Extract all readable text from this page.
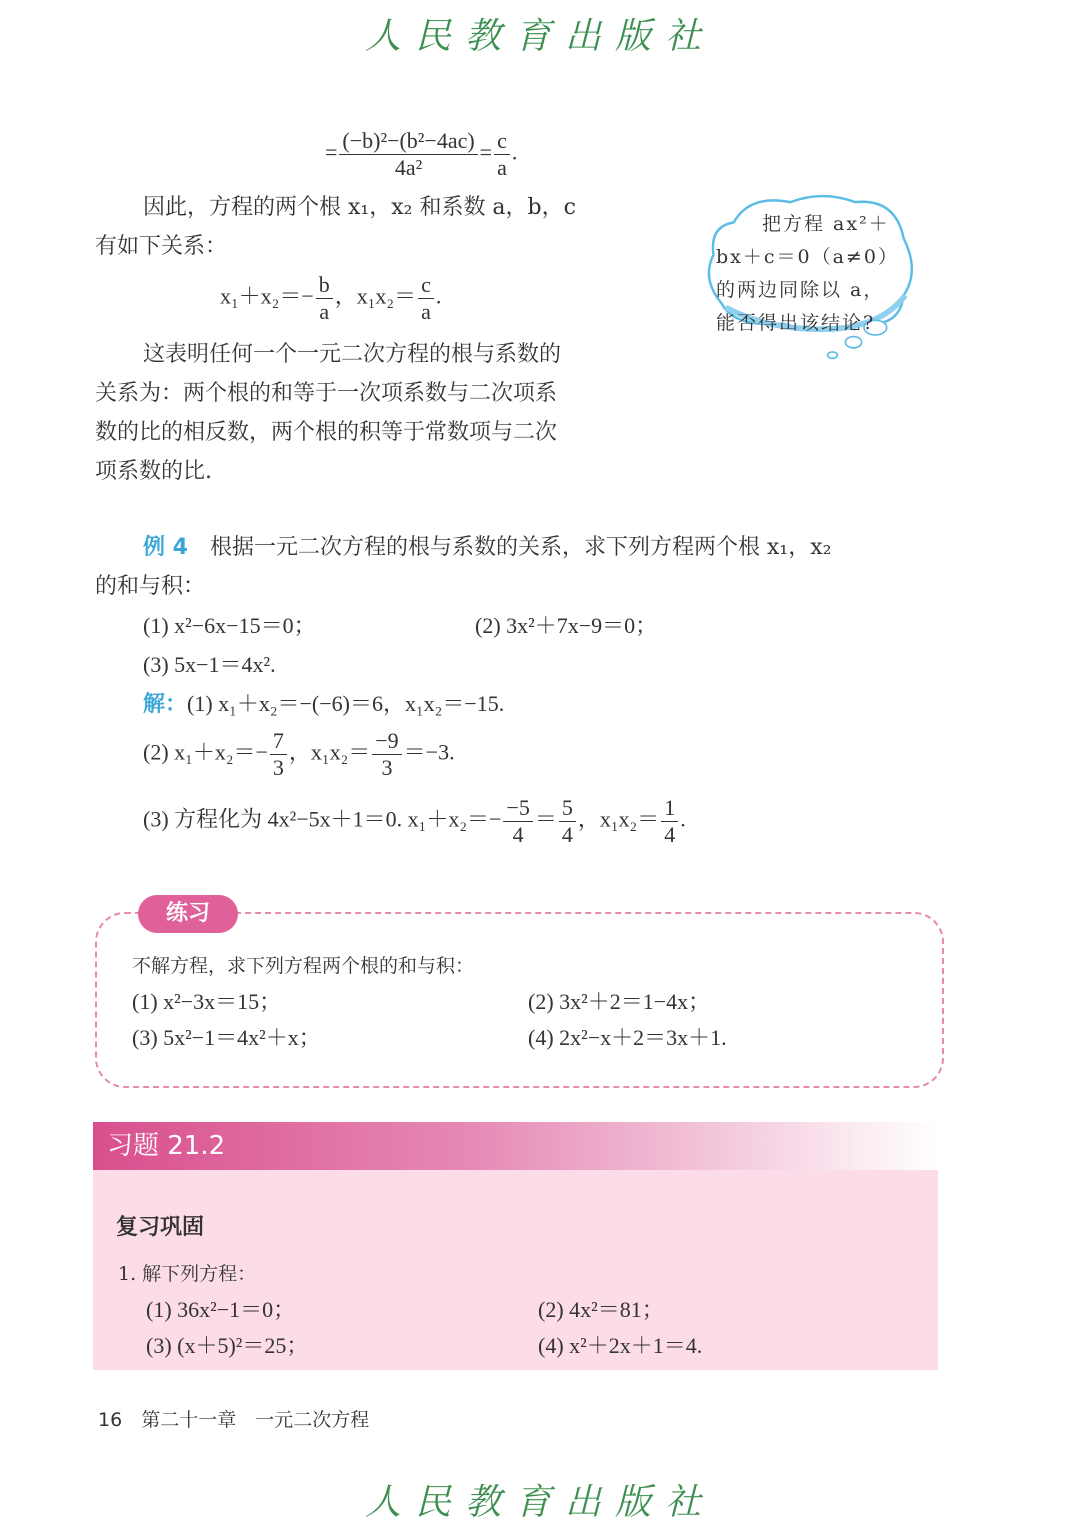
人民教育出版社
= $\frac{\text{(−b)²−(b²−4ac)}}{\text{4a²}} = \frac{c}{a}$ .
因此，方程的两个根 x₁，x₂ 和系数 a，b，c
有如下关系：
$x_1+x_2=- \frac{b}{a}$ ，$x_1x_2= \frac{c}{a}$ .
这表明任何一个一元二次方程的根与系数的
关系为：两个根的和等于一次项系数与二次项系
数的比的相反数，两个根的积等于常数项与二次
项系数的比.
把方程 ax²＋
bx＋c＝0（a≠0）
的两边同除以 a，
能否得出该结论?
例 4　 根据一元二次方程的根与系数的关系，求下列方程两个根 x₁，x₂
的和与积：
(1) x²−6x−15＝0；	(2) 3x²＋7x−9＝0；
(3) 5x−1＝4x².
解：(1) x₁＋x₂＝−(−6)＝6，x₁x₂＝−15.
(2) $x_1+x_2=- \frac{7}{3}$ ，$x_1x_2= \frac{-9}{3} =-3$.
(3) 方程化为 4x²−5x＋1＝0. $x_1+x_2=- \frac{-5}{4} = \frac{5}{4}$ ，$x_1x_2= \frac{1}{4}$ .
练习
不解方程，求下列方程两个根的和与积：
(1) x²−3x＝15；	(2) 3x²＋2＝1−4x；
(3) 5x²−1＝4x²＋x；	(4) 2x²−x＋2＝3x＋1.
习题 21.2
复习巩固
1. 解下列方程：
(1) 36x²−1＝0；	(2) 4x²＝81；
(3) (x＋5)²＝25；	(4) x²＋2x＋1＝4.
16　 第二十一章　一元二次方程
人民教育出版社
